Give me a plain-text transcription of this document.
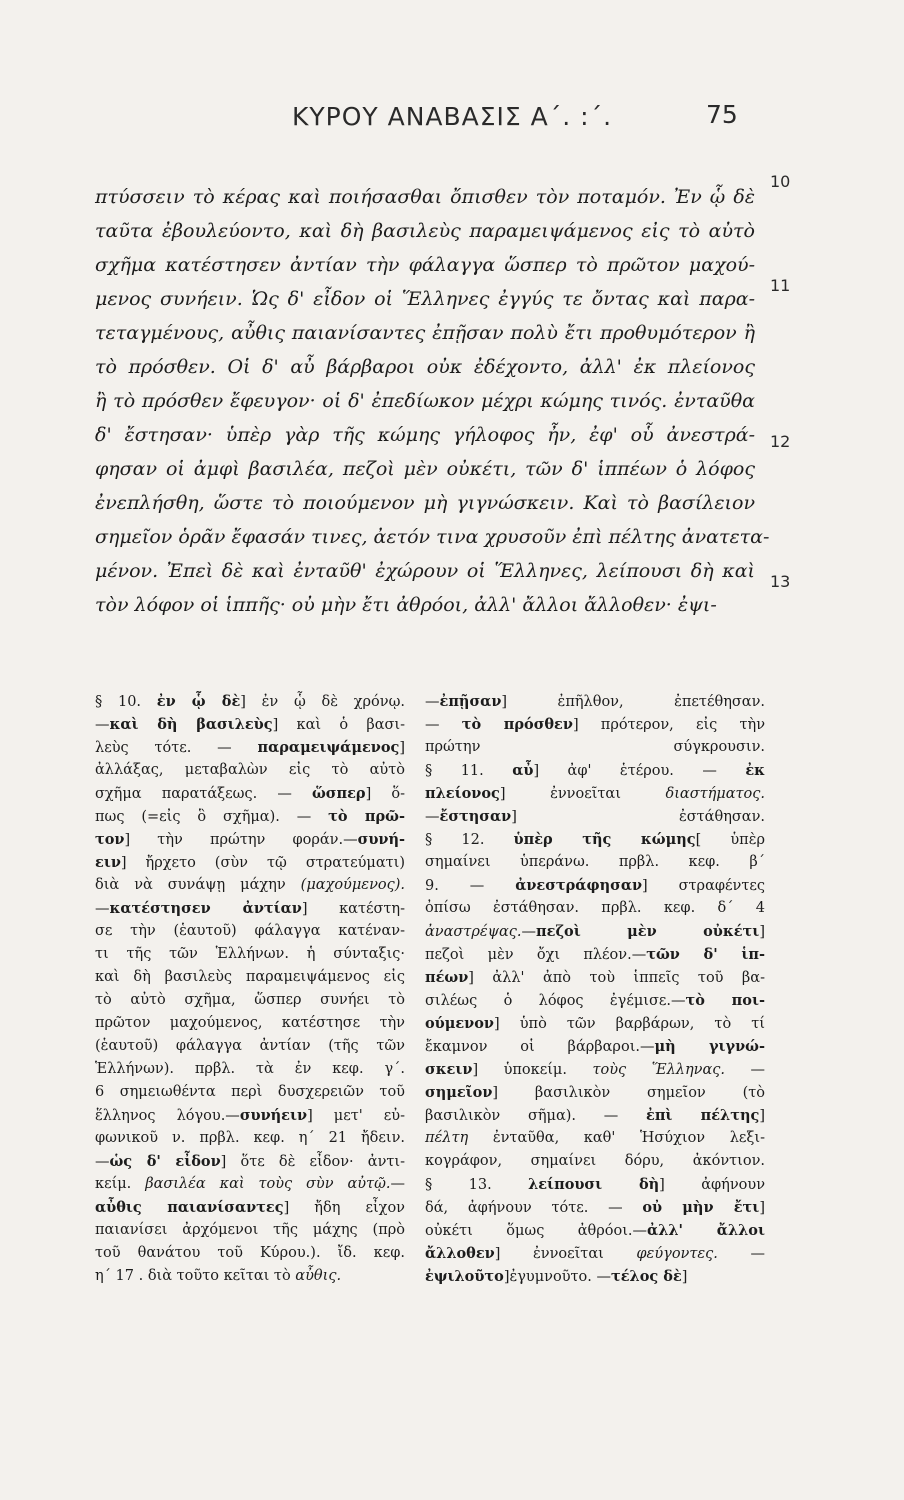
ΚΥΡΟΥ ΑΝΑΒΑΣΙΣ Α΄. :΄.	75
πτύσσειν τὸ κέρας καὶ ποιήσασθαι ὄπισθεν τὸν ποταμόν. Ἐν ᾧ δὲ
ταῦτα ἐβουλεύοντο, καὶ δὴ βασιλεὺς παραμειψάμενος εἰς τὸ αὐτὸ
σχῆμα κατέστησεν ἀντίαν τὴν φάλαγγα ὥσπερ τὸ πρῶτον μαχού-
μενος συνήειν. Ὡς δ' εἶδον οἱ Ἕλληνες ἐγγύς τε ὄντας καὶ παρα-
τεταγμένους, αὖθις παιανίσαντες ἐπῇσαν πολὺ ἔτι προθυμότερον ἢ
τὸ πρόσθεν. Οἱ δ' αὖ βάρβαροι οὐκ ἐδέχοντο, ἀλλ' ἐκ πλείονος
ἢ τὸ πρόσθεν ἔφευγον· οἱ δ' ἐπεδίωκον μέχρι κώμης τινός. ἐνταῦθα
δ' ἔστησαν· ὑπὲρ γὰρ τῆς κώμης γήλοφος ἦν, ἐφ' οὗ ἀνεστρά-
φησαν οἱ ἀμφὶ βασιλέα, πεζοὶ μὲν οὐκέτι, τῶν δ' ἱππέων ὁ λόφος
ἐνεπλήσθη, ὥστε τὸ ποιούμενον μὴ γιγνώσκειν. Καὶ τὸ βασίλειον
σημεῖον ὁρᾶν ἔφασάν τινες, ἀετόν τινα χρυσοῦν ἐπὶ πέλτης ἀνατετα-
μένον. Ἐπεὶ δὲ καὶ ἐνταῦθ' ἐχώρουν οἱ Ἕλληνες, λείπουσι δὴ καὶ
τὸν λόφον οἱ ἱππῆς· οὐ μὴν ἔτι ἀθρόοι, ἀλλ' ἄλλοι ἄλλοθεν· ἐψι-
10
11
12
13
§ 10. ἐν ᾧ δὲ] ἐν ᾧ δὲ χρόνῳ.
—καὶ δὴ βασιλεὺς] καὶ ὁ βασι-
λεὺς τότε. — παραμειψάμενος]
ἀλλάξας, μεταβαλὼν εἰς τὸ αὐτὸ
σχῆμα παρατάξεως. — ὥσπερ] ὅ-
πως (=εἰς ὃ σχῆμα). — τὸ πρῶ-
τον] τὴν πρώτην φοράν.—συνή-
ειν] ἤρχετο (σὺν τῷ στρατεύματι)
διὰ νὰ συνάψῃ μάχην (μαχούμενος).
—κατέστησεν ἀντίαν] κατέστη-
σε τὴν (ἑαυτοῦ) φάλαγγα κατέναν-
τι τῆς τῶν Ἑλλήνων. ἡ σύνταξις·
καὶ δὴ βασιλεὺς παραμειψάμενος εἰς
τὸ αὐτὸ σχῆμα, ὥσπερ συνήει τὸ
πρῶτον μαχούμενος, κατέστησε τὴν
(ἑαυτοῦ) φάλαγγα ἀντίαν (τῆς τῶν
Ἑλλήνων). πρβλ. τὰ ἐν κεφ. γ΄.
6 σημειωθέντα περὶ δυσχερειῶν τοῦ
ἕλληνος λόγου.—συνήειν] μετ' εὐ-
φωνικοῦ ν. πρβλ. κεφ. η΄ 21 ἤδειν.
—ὡς δ' εἶδον] ὅτε δὲ εἶδον· ἀντι-
κείμ. βασιλέα καὶ τοὺς σὺν αὐτῷ.—
αὖθις παιανίσαντες] ἤδη εἶχον
παιανίσει ἀρχόμενοι τῆς μάχης (πρὸ
τοῦ θανάτου τοῦ Κύρου.). ἴδ. κεφ.
η΄ 17 . διὰ τοῦτο κεῖται τὸ αὖθις.
—ἐπῇσαν] ἐπῆλθον, ἐπετέθησαν.
— τὸ πρόσθεν] πρότερον, εἰς τὴν
πρώτην σύγκρουσιν.
§ 11. αὖ] ἀφ' ἑτέρου. — ἐκ
πλείονος] ἐννοεῖται διαστήματος.
—ἔστησαν] ἐστάθησαν.
§ 12. ὑπὲρ τῆς κώμης[ ὑπὲρ
σημαίνει ὑπεράνω. πρβλ. κεφ. β΄
9. — ἀνεστράφησαν] στραφέντες
ὀπίσω ἐστάθησαν. πρβλ. κεφ. δ΄ 4
ἀναστρέψας.—πεζοὶ μὲν οὐκέτι]
πεζοὶ μὲν ὄχι πλέον.—τῶν δ' ἱπ-
πέων] ἀλλ' ἀπὸ τοὺ ἱππεῖς τοῦ βα-
σιλέως ὁ λόφος ἐγέμισε.—τὸ ποι-
ούμενον] ὑπὸ τῶν βαρβάρων, τὸ τί
ἔκαμνον οἱ βάρβαροι.—μὴ γιγνώ-
σκειν] ὑποκείμ. τοὺς Ἕλληνας. —
σημεῖον] βασιλικὸν σημεῖον (τὸ
βασιλικὸν σῆμα). — ἐπὶ πέλτης]
πέλτη ἐνταῦθα, καθ' Ἡσύχιον λεξι-
κογράφον, σημαίνει δόρυ, ἀκόντιον.
§ 13. λείπουσι δὴ] ἀφήνουν
δά, ἀφήνουν τότε. — οὐ μὴν ἔτι]
οὐκέτι ὅμως ἀθρόοι.—ἀλλ' ἄλλοι
ἄλλοθεν] ἐννοεῖται φεύγοντες. —
ἐψιλοῦτο]ἐγυμνοῦτο. —τέλος δὲ]
